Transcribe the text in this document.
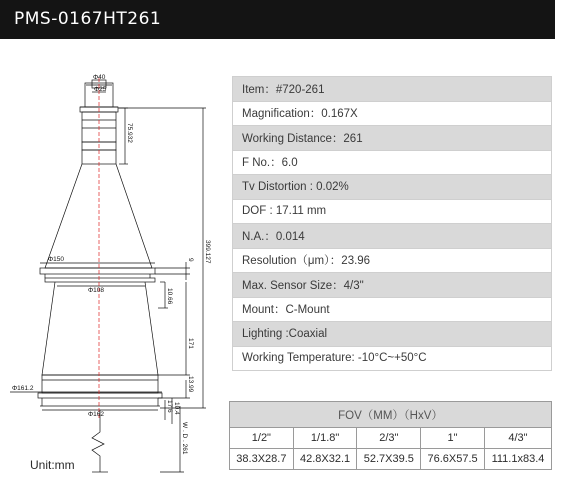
PMS-0167HT261
Φ40
Φ25
75.932
399.127
Φ150	9
Φ108	10.66
171
Φ161.2	13.99
Φ162
17.6 10.4
W . D . 261
Unit:mm
Item：#720-261
Magnification：0.167X
Working Distance：261
F No.：6.0
Tv Distortion : 0.02%
DOF : 17.11 mm
N.A.：0.014
Resolution（μm）：23.96
Max. Sensor Size：4/3"
Mount：C-Mount
Lighting :Coaxial
Working Temperature: -10°C~+50°C
FOV（MM）（HxV）				
1/2"	1/1.8"	2/3"	1"	4/3"
38.3X28.7	42.8X32.1	52.7X39.5	76.6X57.5	111.1x83.4
